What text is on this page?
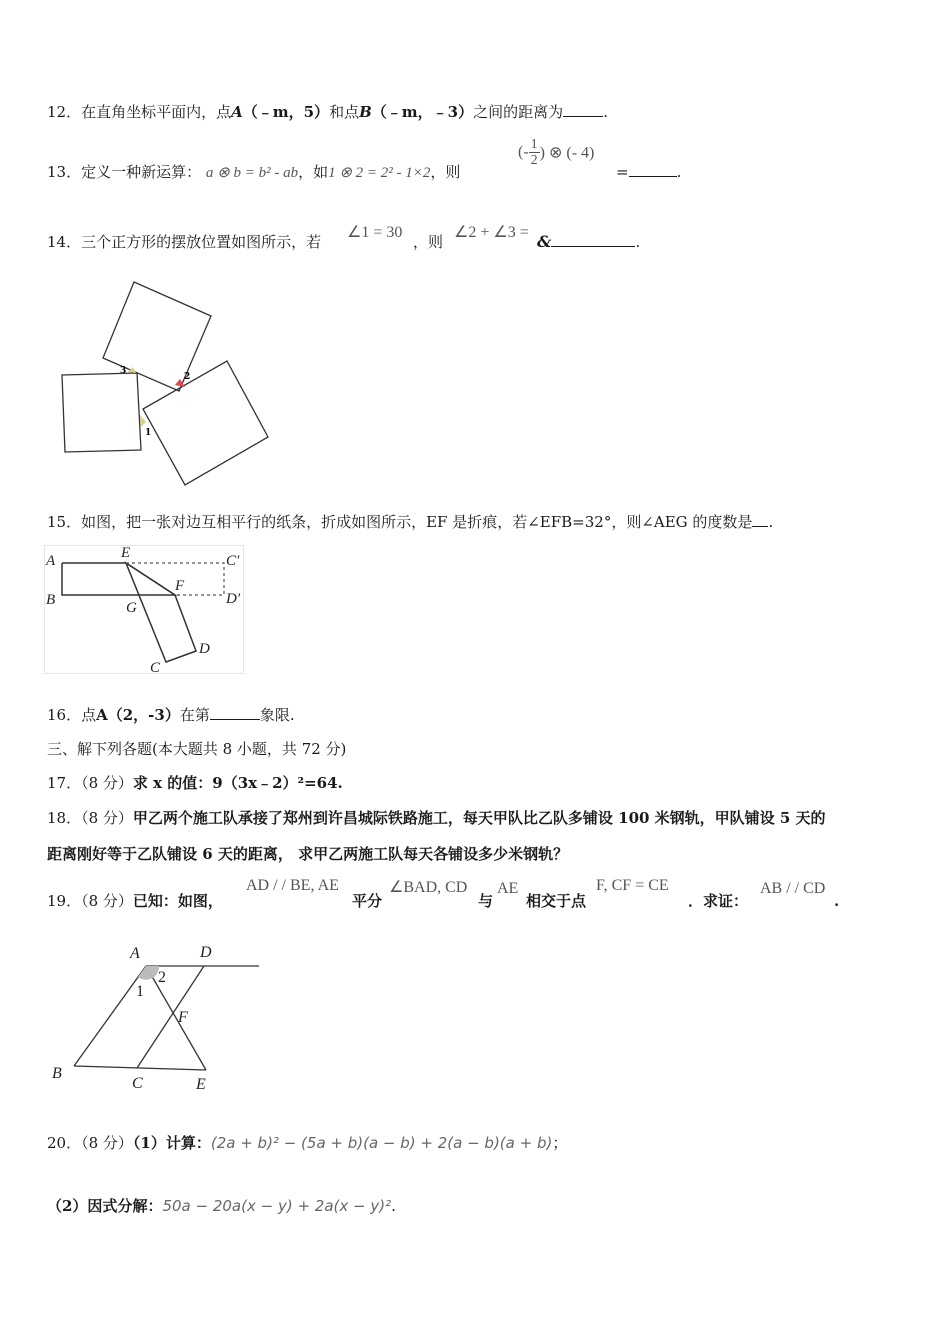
12．在直角坐标平面内，点A（﹣m，5）和点B（﹣m，﹣3）之间的距离为	.
13．定义一种新运算： a ⊗ b = b² - ab，如1 ⊗ 2 = 2² - 1×2，则
(- $\frac{1}{2}$ ) ⊗ (- 4)
=	.
14．三个正方形的摆放位置如图所示，若
∠1 = 30
，则
∠2 + ∠3 = &	.
3
2
1
15．如图，把一张对边互相平行的纸条，折成如图所示，EF 是折痕，若∠EFB=32°，则∠AEG 的度数是 .
A	E	C′
F
B	G
D′
D
C
16．点A（2，-3）在第	象限.
三、解下列各题(本大题共 8 小题，共 72 分)
17．（8 分）求 x 的值：9（3x﹣2）²=64.
18．（8 分）甲乙两个施工队承接了郑州到许昌城际铁路施工，每天甲队比乙队多铺设 100 米钢轨，甲队铺设 5 天的
距离刚好等于乙队铺设 6 天的距离， 求甲乙两施工队每天各铺设多少米钢轨？
19．（8 分）已知：如图，
AD / / BE, AE
平分
∠BAD, CD
与
AE
相交于点
F, CF = CE
．求证：
AB / / CD
.
A	D
2
1
F
B
C	E
20．（8 分）（1）计算：(2a + b)² − (5a + b)(a − b) + 2(a − b)(a + b)；
（2）因式分解：50a − 20a(x − y) + 2a(x − y)².
